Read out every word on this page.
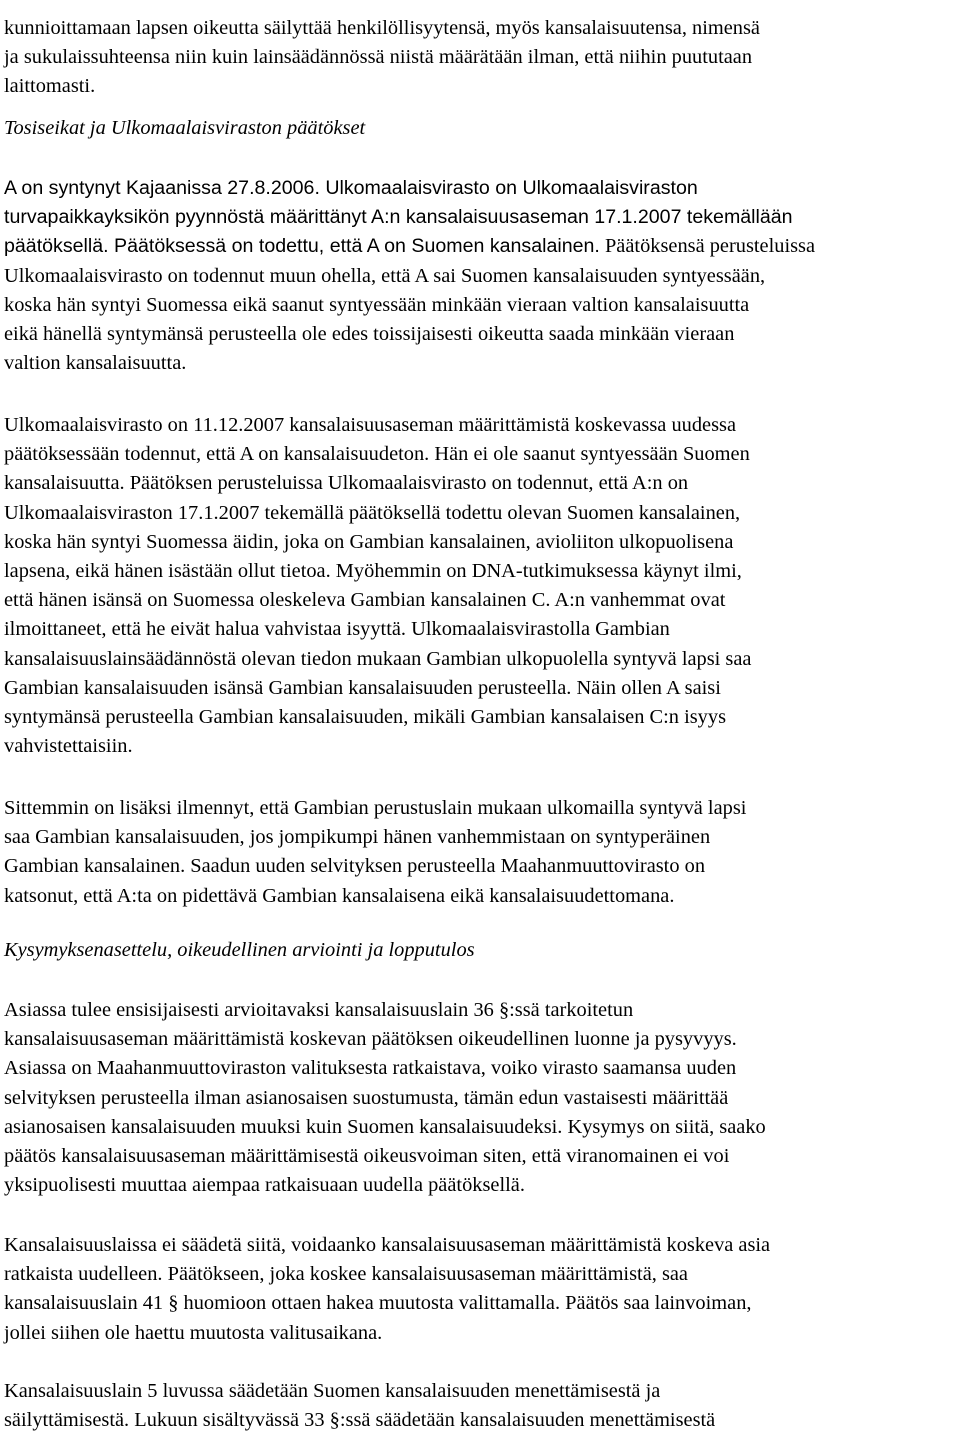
kunnioittamaan lapsen oikeutta säilyttää henkilöllisyytensä, myös kansalaisuutensa, nimensä
ja sukulaissuhteensa niin kuin lainsäädännössä niistä määrätään ilman, että niihin puututaan
laittomasti.
Tosiseikat ja Ulkomaalaisviraston päätökset
A on syntynyt Kajaanissa 27.8.2006. Ulkomaalaisvirasto on Ulkomaalaisviraston
turvapaikkayksikön pyynnöstä määrittänyt A:n kansalaisuusaseman 17.1.2007 tekemällään
päätöksellä. Päätöksessä on todettu, että A on Suomen kansalainen. Päätöksensä perusteluissa
Ulkomaalaisvirasto on todennut muun ohella, että A sai Suomen kansalaisuuden syntyessään,
koska hän syntyi Suomessa eikä saanut syntyessään minkään vieraan valtion kansalaisuutta
eikä hänellä syntymänsä perusteella ole edes toissijaisesti oikeutta saada minkään vieraan
valtion kansalaisuutta.
Ulkomaalaisvirasto on 11.12.2007 kansalaisuusaseman määrittämistä koskevassa uudessa
päätöksessään todennut, että A on kansalaisuudeton. Hän ei ole saanut syntyessään Suomen
kansalaisuutta. Päätöksen perusteluissa Ulkomaalaisvirasto on todennut, että A:n on
Ulkomaalaisviraston 17.1.2007 tekemällä päätöksellä todettu olevan Suomen kansalainen,
koska hän syntyi Suomessa äidin, joka on Gambian kansalainen, avioliiton ulkopuolisena
lapsena, eikä hänen isästään ollut tietoa. Myöhemmin on DNA-tutkimuksessa käynyt ilmi,
että hänen isänsä on Suomessa oleskeleva Gambian kansalainen C. A:n vanhemmat ovat
ilmoittaneet, että he eivät halua vahvistaa isyyttä. Ulkomaalaisvirastolla Gambian
kansalaisuuslainsäädännöstä olevan tiedon mukaan Gambian ulkopuolella syntyvä lapsi saa
Gambian kansalaisuuden isänsä Gambian kansalaisuuden perusteella. Näin ollen A saisi
syntymänsä perusteella Gambian kansalaisuuden, mikäli Gambian kansalaisen C:n isyys
vahvistettaisiin.
Sittemmin on lisäksi ilmennyt, että Gambian perustuslain mukaan ulkomailla syntyvä lapsi
saa Gambian kansalaisuuden, jos jompikumpi hänen vanhemmistaan on syntyperäinen
Gambian kansalainen. Saadun uuden selvityksen perusteella Maahanmuuttovirasto on
katsonut, että A:ta on pidettävä Gambian kansalaisena eikä kansalaisuudettomana.
Kysymyksenasettelu, oikeudellinen arviointi ja lopputulos
Asiassa tulee ensisijaisesti arvioitavaksi kansalaisuuslain 36 §:ssä tarkoitetun
kansalaisuusaseman määrittämistä koskevan päätöksen oikeudellinen luonne ja pysyvyys.
Asiassa on Maahanmuuttoviraston valituksesta ratkaistava, voiko virasto saamansa uuden
selvityksen perusteella ilman asianosaisen suostumusta, tämän edun vastaisesti määrittää
asianosaisen kansalaisuuden muuksi kuin Suomen kansalaisuudeksi. Kysymys on siitä, saako
päätös kansalaisuusaseman määrittämisestä oikeusvoiman siten, että viranomainen ei voi
yksipuolisesti muuttaa aiempaa ratkaisuaan uudella päätöksellä.
Kansalaisuuslaissa ei säädetä siitä, voidaanko kansalaisuusaseman määrittämistä koskeva asia
ratkaista uudelleen. Päätökseen, joka koskee kansalaisuusaseman määrittämistä, saa
kansalaisuuslain 41 § huomioon ottaen hakea muutosta valittamalla. Päätös saa lainvoiman,
jollei siihen ole haettu muutosta valitusaikana.
Kansalaisuuslain 5 luvussa säädetään Suomen kansalaisuuden menettämisestä ja
säilyttämisestä. Lukuun sisältyvässä 33 §:ssä säädetään kansalaisuuden menettämisestä
